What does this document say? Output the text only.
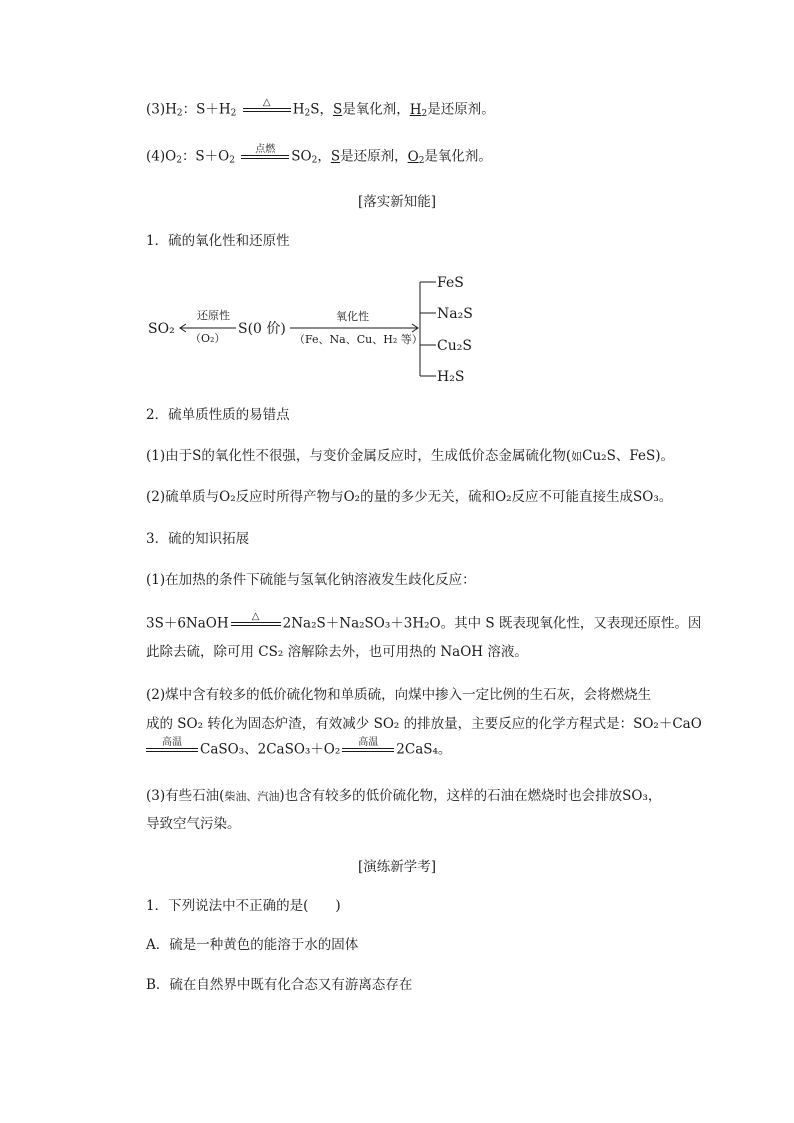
$(3)H_2$：$S+H_2$
△	$H_2S$，S是氧化剂，$H_2$是还原剂。
$(4)O_2$：$S+O_2$
点燃	$SO_2$，S是还原剂，$O_2$是氧化剂。
[落实新知能]
1．硫的氧化性和还原性
SO₂
还原性
（O₂）
S(0 价)
氧化性
（Fe、Na、Cu、H₂ 等）
FeS
Na₂S
Cu₂S
H₂S
2．硫单质性质的易错点
(1)由于S的氧化性不很强，与变价金属反应时，生成低价态金属硫化物(如Cu₂S、FeS)。
(2)硫单质与O₂反应时所得产物与O₂的量的多少无关，硫和O₂反应不可能直接生成SO₃。
3．硫的知识拓展
(1)在加热的条件下硫能与氢氧化钠溶液发生歧化反应：
3S＋6NaOH	△	2Na₂S＋Na₂SO₃＋3H₂O。其中 S 既表现氧化性，又表现还原性。因
此除去硫，除可用 CS₂ 溶解除去外，也可用热的 NaOH 溶液。
(2)煤中含有较多的低价硫化物和单质硫，向煤中掺入一定比例的生石灰，会将燃烧生
成的 SO₂ 转化为固态炉渣，有效减少 SO₂ 的排放量，主要反应的化学方程式是：SO₂＋CaO
高温	CaSO₃、2CaSO₃＋O₂	高温	2CaS₄。
(3)有些石油(柴油、汽油)也含有较多的低价硫化物，这样的石油在燃烧时也会排放SO₃，
导致空气污染。
[演练新学考]
1．下列说法中不正确的是(　　)
A．硫是一种黄色的能溶于水的固体
B．硫在自然界中既有化合态又有游离态存在
